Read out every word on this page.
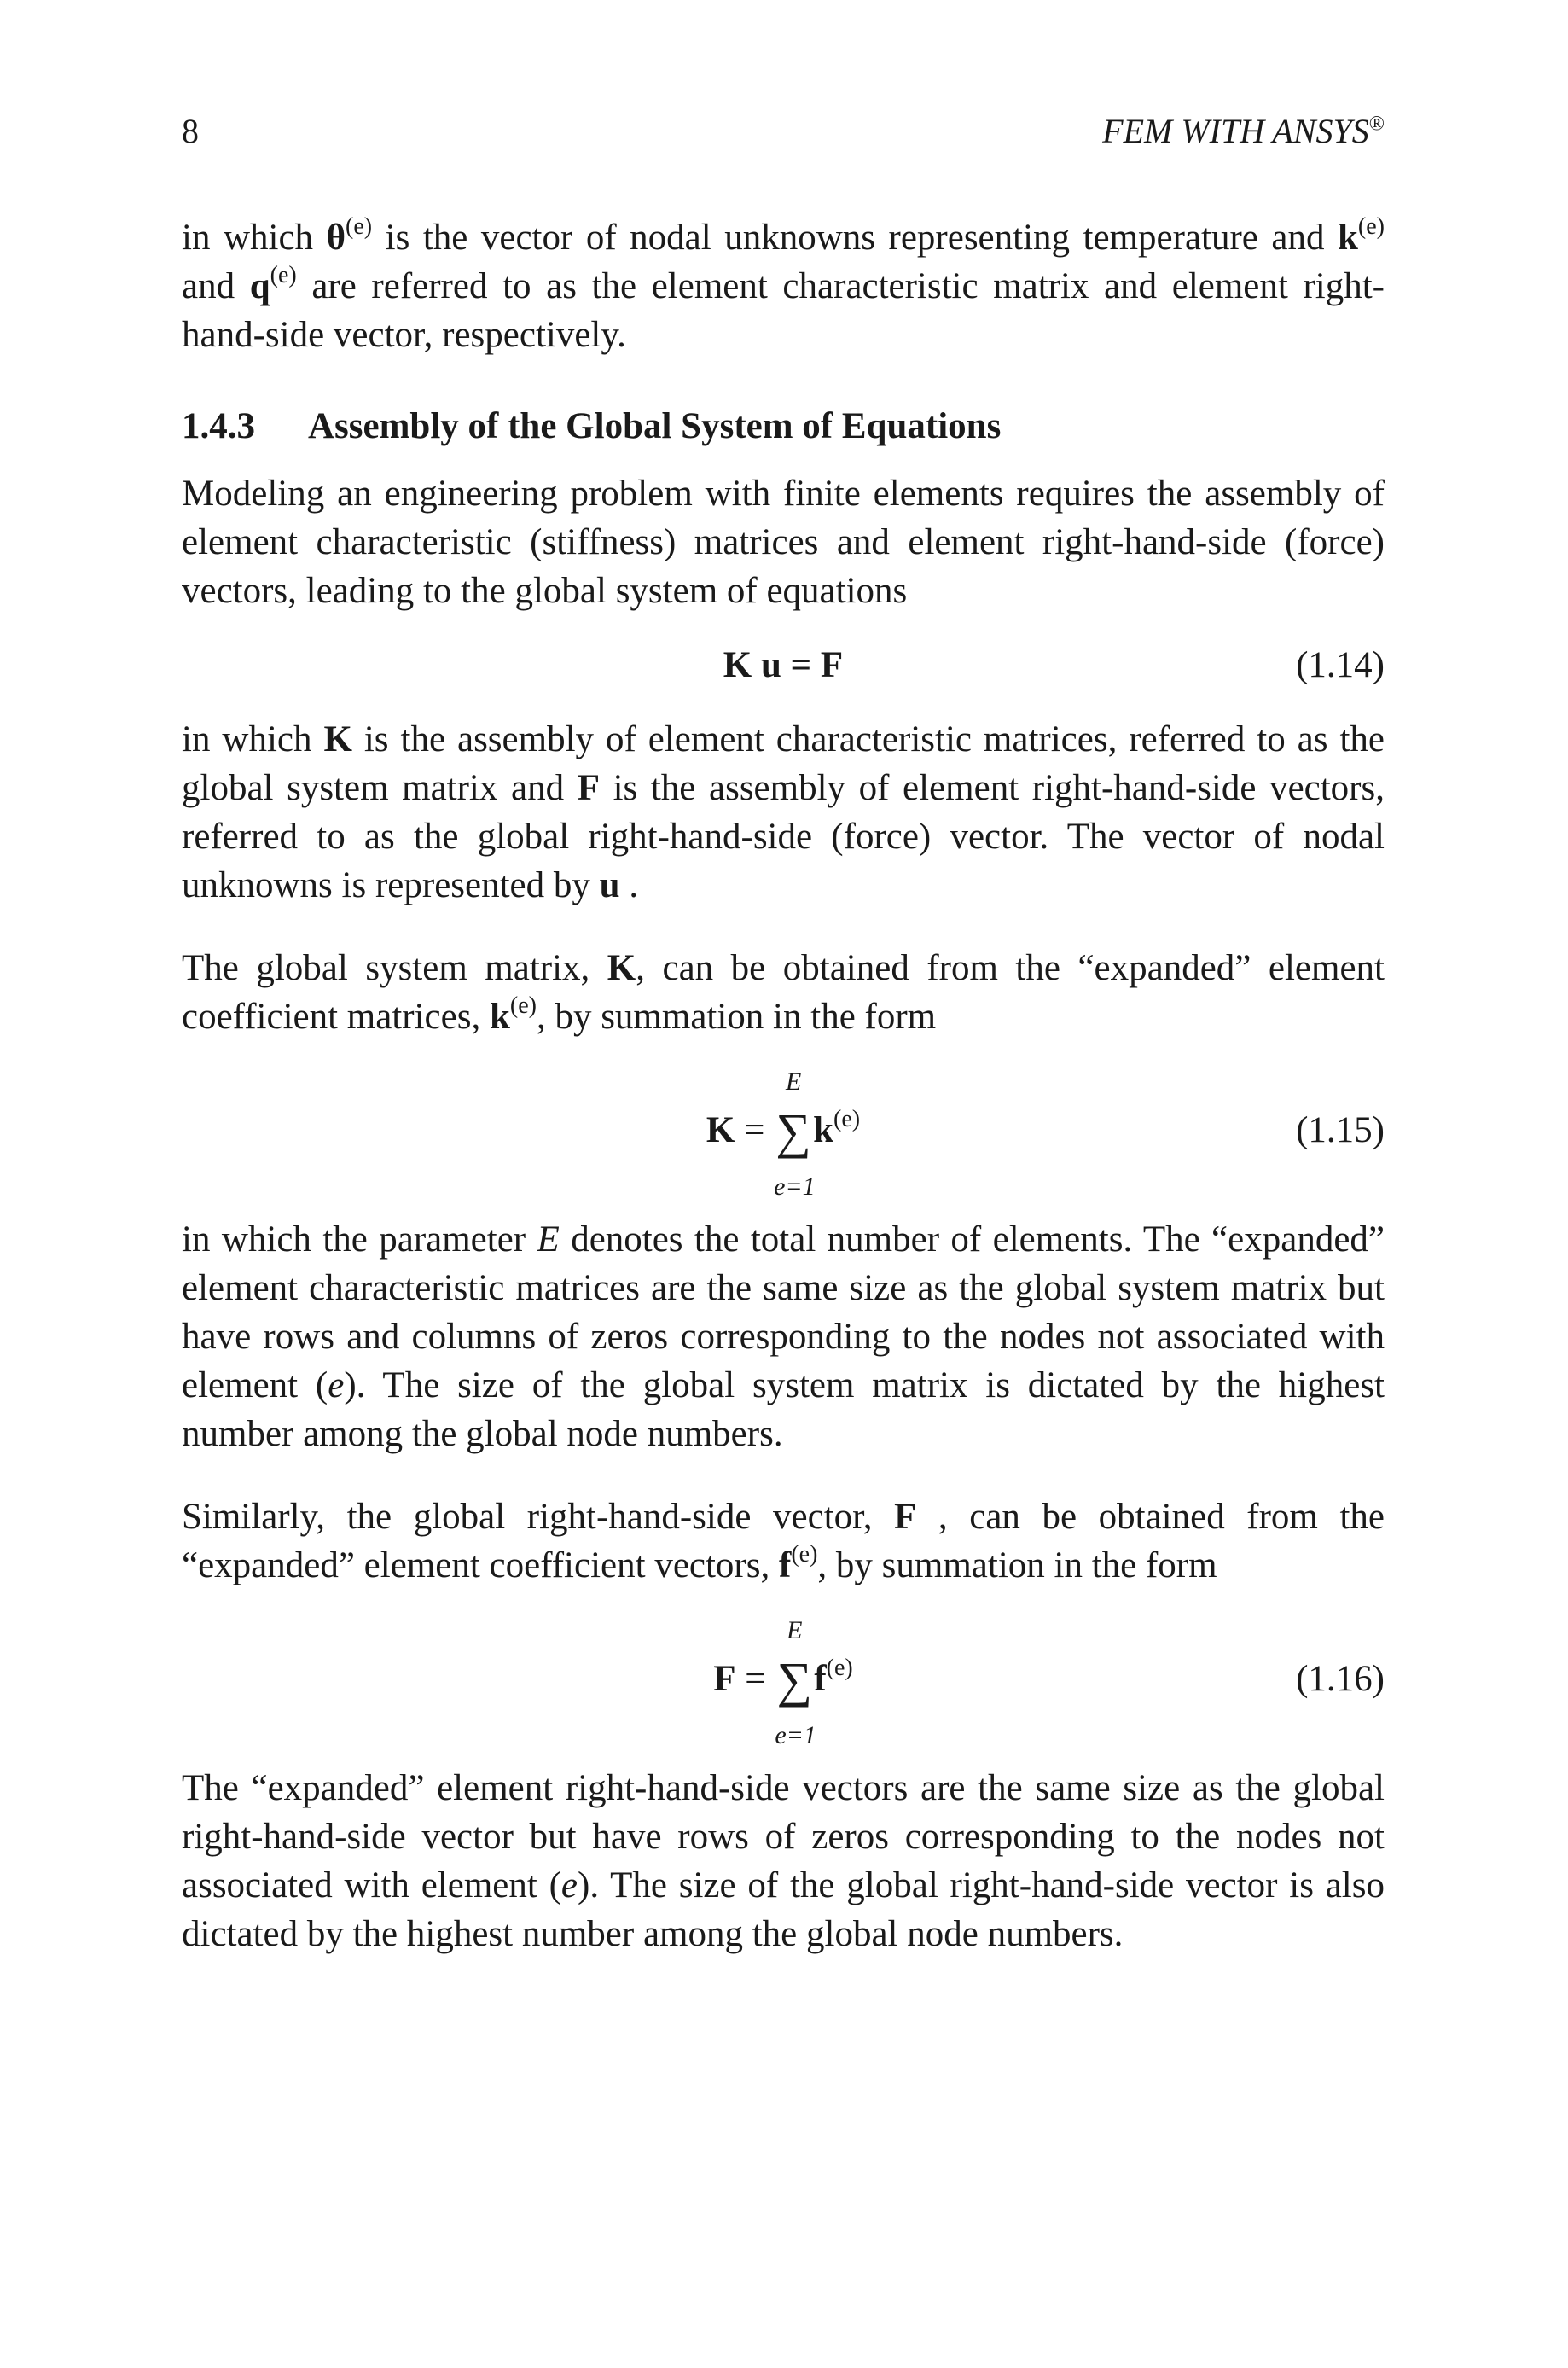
8	FEM WITH ANSYS®

in which $\theta^{(e)}$ is the vector of nodal unknowns representing temperature and $k^{(e)}$ and $q^{(e)}$ are referred to as the element characteristic matrix and element right-hand-side vector, respectively.

1.4.3 Assembly of the Global System of Equations

Modeling an engineering problem with finite elements requires the assembly of element characteristic (stiffness) matrices and element right-hand-side (force) vectors, leading to the global system of equations

K u = F	(1.14)

in which K is the assembly of element characteristic matrices, referred to as the global system matrix and F is the assembly of element right-hand-side vectors, referred to as the global right-hand-side (force) vector. The vector of nodal unknowns is represented by u .

The global system matrix, K, can be obtained from the “expanded” element coefficient matrices, $k^{(e)}$, by summation in the form

K =
E
∑
e=1
$k^{(e)}$	(1.15)

in which the parameter E denotes the total number of elements. The “expanded” element characteristic matrices are the same size as the global system matrix but have rows and columns of zeros corresponding to the nodes not associated with element (e). The size of the global system matrix is dictated by the highest number among the global node numbers.

Similarly, the global right-hand-side vector, F , can be obtained from the “expanded” element coefficient vectors, $f^{(e)}$, by summation in the form

F =
E
∑
e=1
$f^{(e)}$	(1.16)

The “expanded” element right-hand-side vectors are the same size as the global right-hand-side vector but have rows of zeros corresponding to the nodes not associated with element (e). The size of the global right-hand-side vector is also dictated by the highest number among the global node numbers.
